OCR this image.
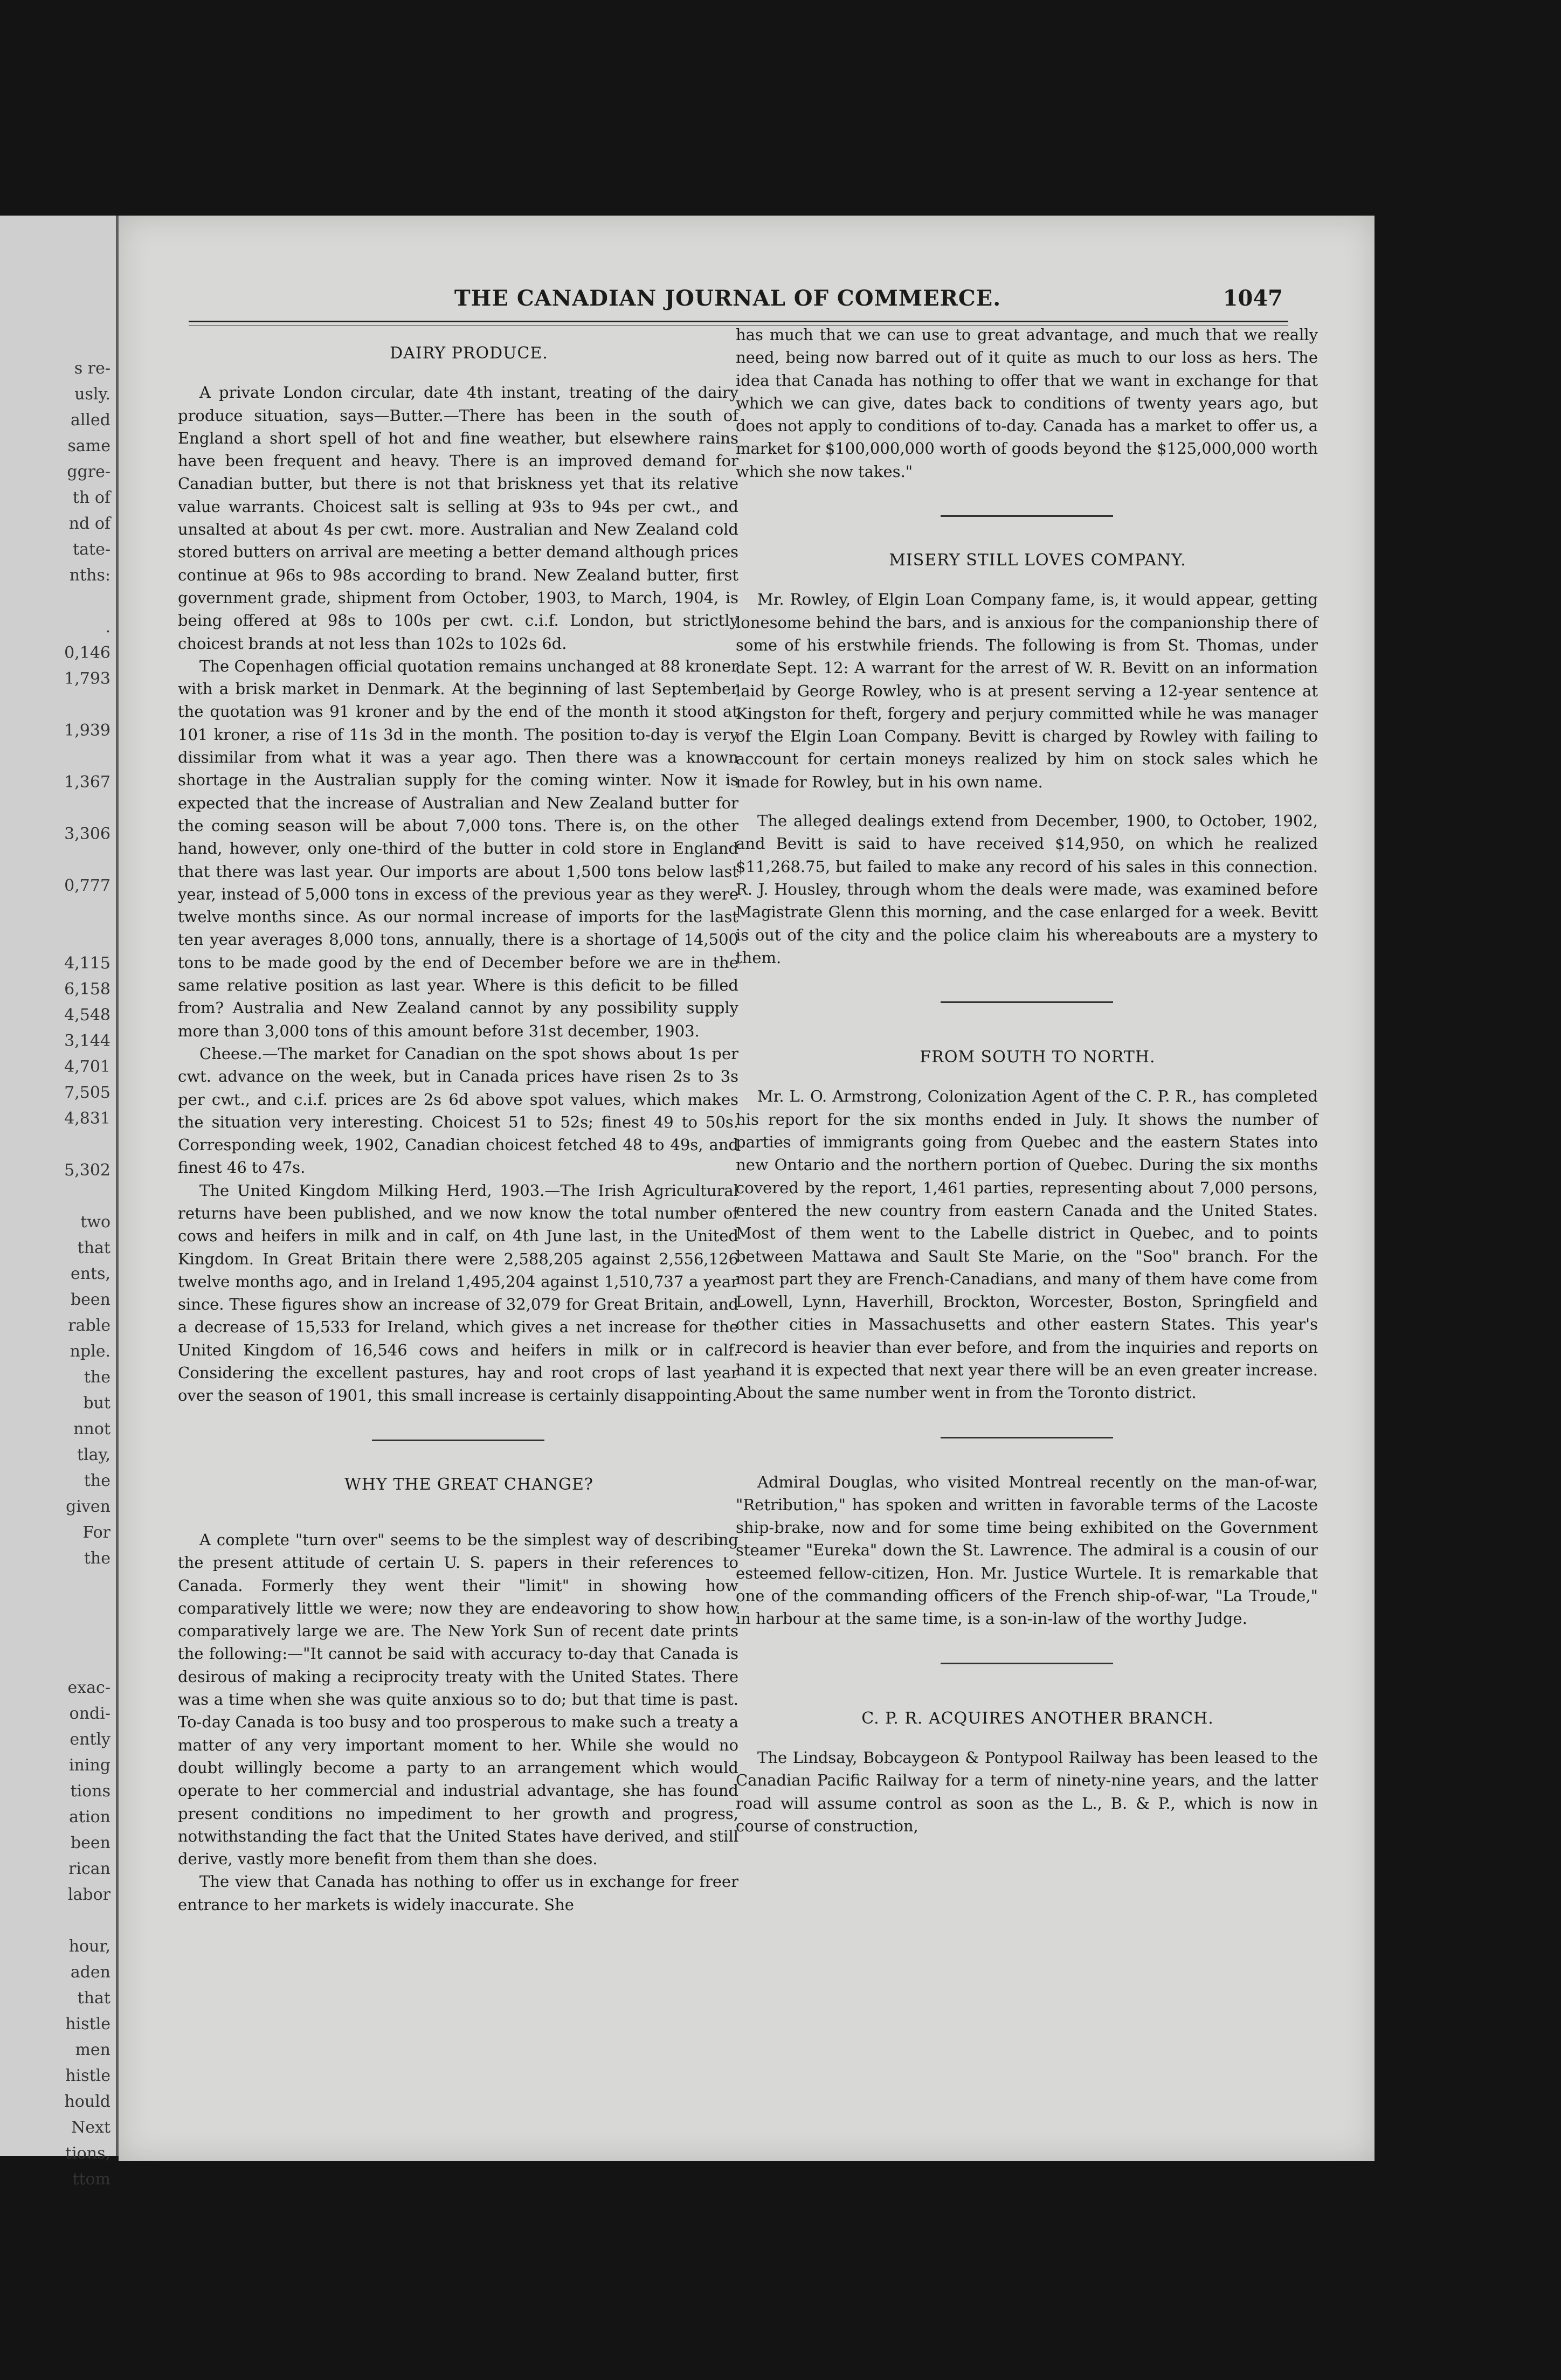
s re-
usly.
alled
same
ggre-
th of
nd of
tate-
nths:

.
0,146
1,793

1,939

1,367

3,306

0,777

4,115
6,158
4,548
3,144
4,701
7,505
4,831

5,302

two
that
ents,
been
rable
nple.
the
but
nnot
tlay,
the
given
For
the

exac-
ondi-
ently
ining
tions
ation
been
rican
labor

hour,
aden
that
histle
men
histle
hould
Next
tions,
ttom
THE CANADIAN JOURNAL OF COMMERCE.	1047

DAIRY PRODUCE.

A private London circular, date 4th instant, treating of the dairy produce situation, says—Butter.—There has been in the south of England a short spell of hot and fine weather, but elsewhere rains have been frequent and heavy. There is an improved demand for Canadian butter, but there is not that briskness yet that its relative value warrants. Choicest salt is selling at 93s to 94s per cwt., and unsalted at about 4s per cwt. more. Australian and New Zealand cold stored butters on arrival are meeting a better demand although prices continue at 96s to 98s according to brand. New Zealand butter, first government grade, shipment from October, 1903, to March, 1904, is being offered at 98s to 100s per cwt. c.i.f. London, but strictly choicest brands at not less than 102s to 102s 6d.

The Copenhagen official quotation remains unchanged at 88 kroner with a brisk market in Denmark. At the beginning of last September the quotation was 91 kroner and by the end of the month it stood at 101 kroner, a rise of 11s 3d in the month. The position to-day is very dissimilar from what it was a year ago. Then there was a known shortage in the Australian supply for the coming winter. Now it is expected that the increase of Australian and New Zealand butter for the coming season will be about 7,000 tons. There is, on the other hand, however, only one-third of the butter in cold store in England that there was last year. Our imports are about 1,500 tons below last year, instead of 5,000 tons in excess of the previous year as they were twelve months since. As our normal increase of imports for the last ten year averages 8,000 tons, annually, there is a shortage of 14,500 tons to be made good by the end of December before we are in the same relative position as last year. Where is this deficit to be filled from? Australia and New Zealand cannot by any possibility supply more than 3,000 tons of this amount before 31st december, 1903.

Cheese.—The market for Canadian on the spot shows about 1s per cwt. advance on the week, but in Canada prices have risen 2s to 3s per cwt., and c.i.f. prices are 2s 6d above spot values, which makes the situation very interesting. Choicest 51 to 52s; finest 49 to 50s. Corresponding week, 1902, Canadian choicest fetched 48 to 49s, and finest 46 to 47s.

The United Kingdom Milking Herd, 1903.—The Irish Agricultural returns have been published, and we now know the total number of cows and heifers in milk and in calf, on 4th June last, in the United Kingdom. In Great Britain there were 2,588,205 against 2,556,126 twelve months ago, and in Ireland 1,495,204 against 1,510,737 a year since. These figures show an increase of 32,079 for Great Britain, and a decrease of 15,533 for Ireland, which gives a net increase for the United Kingdom of 16,546 cows and heifers in milk or in calf. Considering the excellent pastures, hay and root crops of last year over the season of 1901, this small increase is certainly disappointing.

WHY THE GREAT CHANGE?

A complete "turn over" seems to be the simplest way of describing the present attitude of certain U. S. papers in their references to Canada. Formerly they went their "limit" in showing how comparatively little we were; now they are endeavoring to show how comparatively large we are. The New York Sun of recent date prints the following:—"It cannot be said with accuracy to-day that Canada is desirous of making a reciprocity treaty with the United States. There was a time when she was quite anxious so to do; but that time is past. To-day Canada is too busy and too prosperous to make such a treaty a matter of any very important moment to her. While she would no doubt willingly become a party to an arrangement which would operate to her commercial and industrial advantage, she has found present conditions no impediment to her growth and progress, notwithstanding the fact that the United States have derived, and still derive, vastly more benefit from them than she does.

The view that Canada has nothing to offer us in exchange for freer entrance to her markets is widely inaccurate. She

has much that we can use to great advantage, and much that we really need, being now barred out of it quite as much to our loss as hers. The idea that Canada has nothing to offer that we want in exchange for that which we can give, dates back to conditions of twenty years ago, but does not apply to conditions of to-day. Canada has a market to offer us, a market for $100,000,000 worth of goods beyond the $125,000,000 worth which she now takes."

MISERY STILL LOVES COMPANY.

Mr. Rowley, of Elgin Loan Company fame, is, it would appear, getting lonesome behind the bars, and is anxious for the companionship there of some of his erstwhile friends. The following is from St. Thomas, under date Sept. 12: A warrant for the arrest of W. R. Bevitt on an information laid by George Rowley, who is at present serving a 12-year sentence at Kingston for theft, forgery and perjury committed while he was manager of the Elgin Loan Company. Bevitt is charged by Rowley with failing to account for certain moneys realized by him on stock sales which he made for Rowley, but in his own name.

The alleged dealings extend from December, 1900, to October, 1902, and Bevitt is said to have received $14,950, on which he realized $11,268.75, but failed to make any record of his sales in this connection. R. J. Housley, through whom the deals were made, was examined before Magistrate Glenn this morning, and the case enlarged for a week. Bevitt is out of the city and the police claim his whereabouts are a mystery to them.

FROM SOUTH TO NORTH.

Mr. L. O. Armstrong, Colonization Agent of the C. P. R., has completed his report for the six months ended in July. It shows the number of parties of immigrants going from Quebec and the eastern States into new Ontario and the northern portion of Quebec. During the six months covered by the report, 1,461 parties, representing about 7,000 persons, entered the new country from eastern Canada and the United States. Most of them went to the Labelle district in Quebec, and to points between Mattawa and Sault Ste Marie, on the "Soo" branch. For the most part they are French-Canadians, and many of them have come from Lowell, Lynn, Haverhill, Brockton, Worcester, Boston, Springfield and other cities in Massachusetts and other eastern States. This year's record is heavier than ever before, and from the inquiries and reports on hand it is expected that next year there will be an even greater increase. About the same number went in from the Toronto district.

Admiral Douglas, who visited Montreal recently on the man-of-war, "Retribution," has spoken and written in favorable terms of the Lacoste ship-brake, now and for some time being exhibited on the Government steamer "Eureka" down the St. Lawrence. The admiral is a cousin of our esteemed fellow-citizen, Hon. Mr. Justice Wurtele. It is remarkable that one of the commanding officers of the French ship-of-war, "La Troude," in harbour at the same time, is a son-in-law of the worthy Judge.

C. P. R. ACQUIRES ANOTHER BRANCH.

The Lindsay, Bobcaygeon & Pontypool Railway has been leased to the Canadian Pacific Railway for a term of ninety-nine years, and the latter road will assume control as soon as the L., B. & P., which is now in course of construction,
